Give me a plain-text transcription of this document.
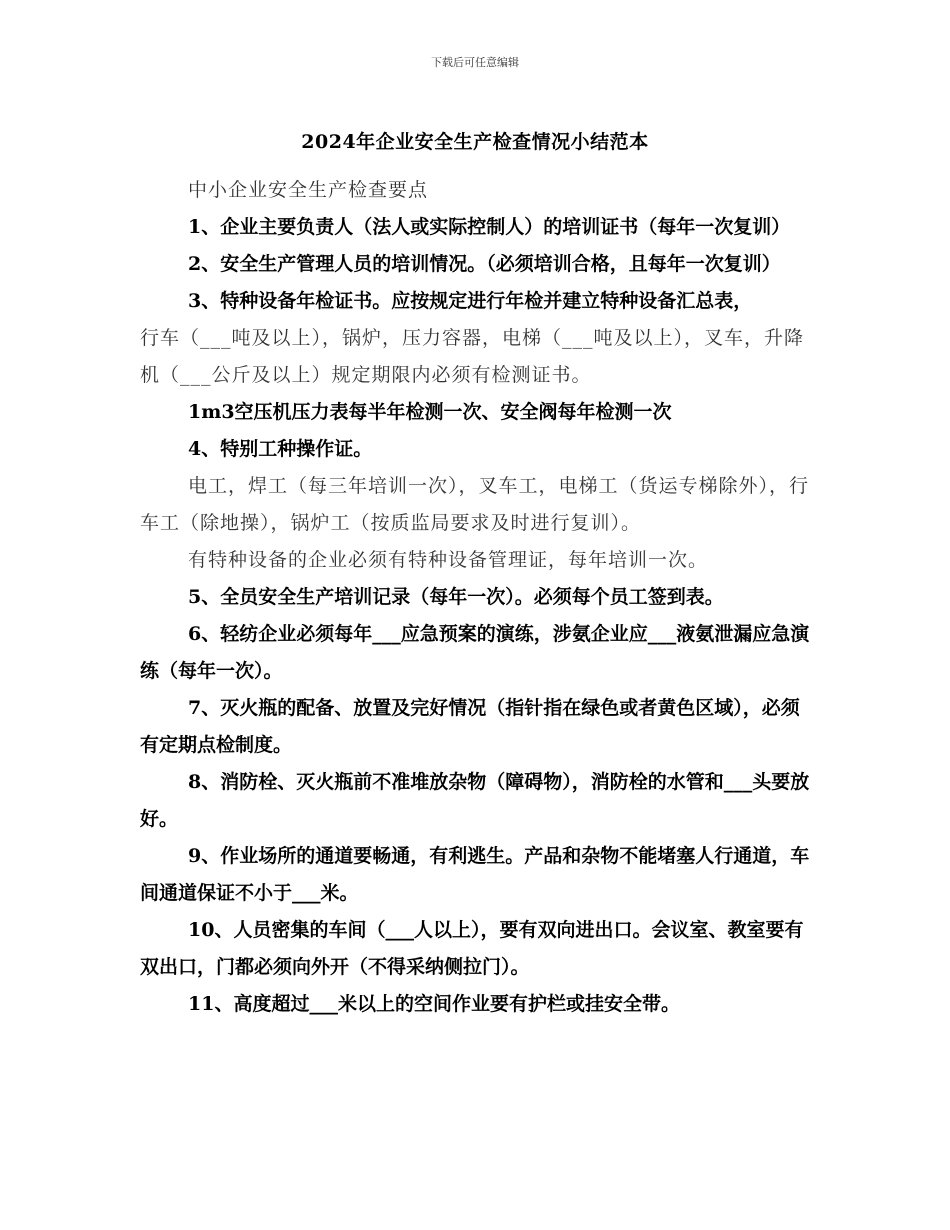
下载后可任意编辑
2024年企业安全生产检查情况小结范本

中小企业安全生产检查要点

1、企业主要负责人（法人或实际控制人）的培训证书（每年一次复训）

2、安全生产管理人员的培训情况。（必须培训合格，且每年一次复训）

3、特种设备年检证书。应按规定进行年检并建立特种设备汇总表，

行车（___吨及以上），锅炉，压力容器，电梯（___吨及以上），叉车，升降机（___公斤及以上）规定期限内必须有检测证书。

1m3空压机压力表每半年检测一次、安全阀每年检测一次

4、特别工种操作证。

电工，焊工（每三年培训一次），叉车工，电梯工（货运专梯除外），行车工（除地操），锅炉工（按质监局要求及时进行复训）。

有特种设备的企业必须有特种设备管理证，每年培训一次。

5、全员安全生产培训记录（每年一次）。必须每个员工签到表。

6、轻纺企业必须每年___应急预案的演练，涉氨企业应___液氨泄漏应急演练（每年一次）。

7、灭火瓶的配备、放置及完好情况（指针指在绿色或者黄色区域），必须有定期点检制度。

8、消防栓、灭火瓶前不准堆放杂物（障碍物），消防栓的水管和___头要放好。

9、作业场所的通道要畅通，有利逃生。产品和杂物不能堵塞人行通道，车间通道保证不小于___米。

10、人员密集的车间（___人以上），要有双向进出口。会议室、教室要有双出口，门都必须向外开（不得采纳侧拉门）。

11、高度超过___米以上的空间作业要有护栏或挂安全带。
